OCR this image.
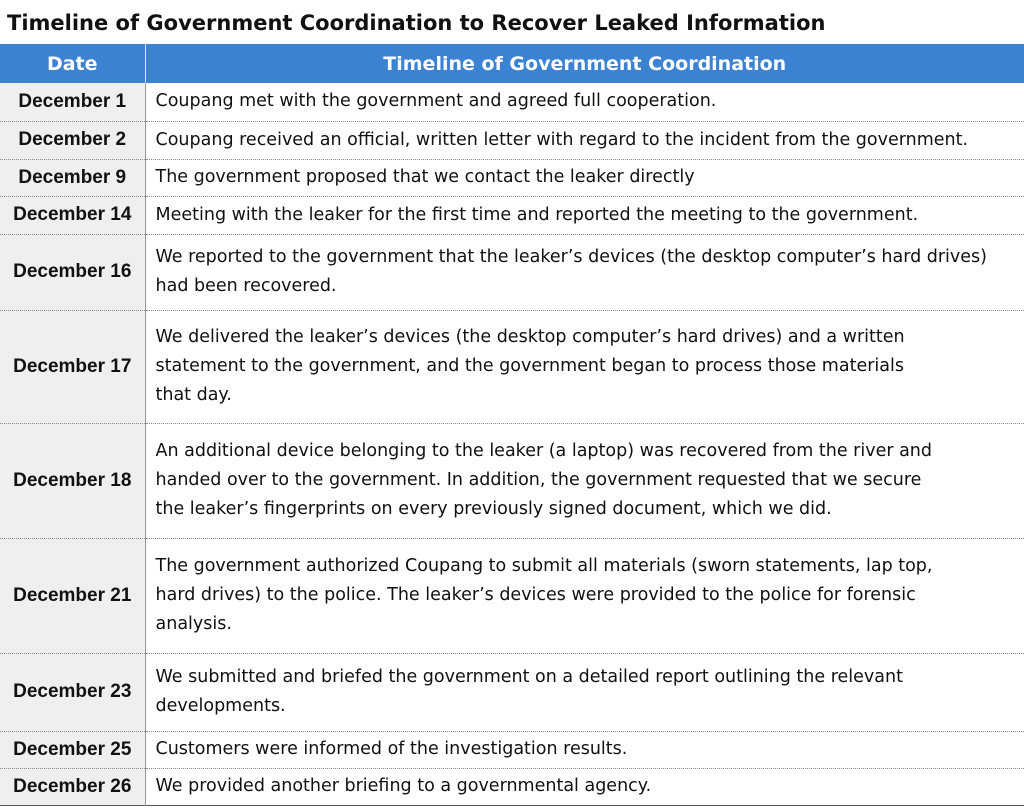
Timeline of Government Coordination to Recover Leaked Information
Date	Timeline of Government Coordination
December 1	Coupang met with the government and agreed full cooperation.
December 2	Coupang received an official, written letter with regard to the incident from the government.
December 9	The government proposed that we contact the leaker directly
December 14	Meeting with the leaker for the first time and reported the meeting to the government.
December 16	We reported to the government that the leaker’s devices (the desktop computer’s hard drives)
had been recovered.
December 17	We delivered the leaker’s devices (the desktop computer’s hard drives) and a written
statement to the government, and the government began to process those materials
that day.
December 18	An additional device belonging to the leaker (a laptop) was recovered from the river and
handed over to the government. In addition, the government requested that we secure
the leaker’s fingerprints on every previously signed document, which we did.
December 21	The government authorized Coupang to submit all materials (sworn statements, lap top,
hard drives) to the police. The leaker’s devices were provided to the police for forensic
analysis.
December 23	We submitted and briefed the government on a detailed report outlining the relevant
developments.
December 25	Customers were informed of the investigation results.
December 26	We provided another briefing to a governmental agency.
